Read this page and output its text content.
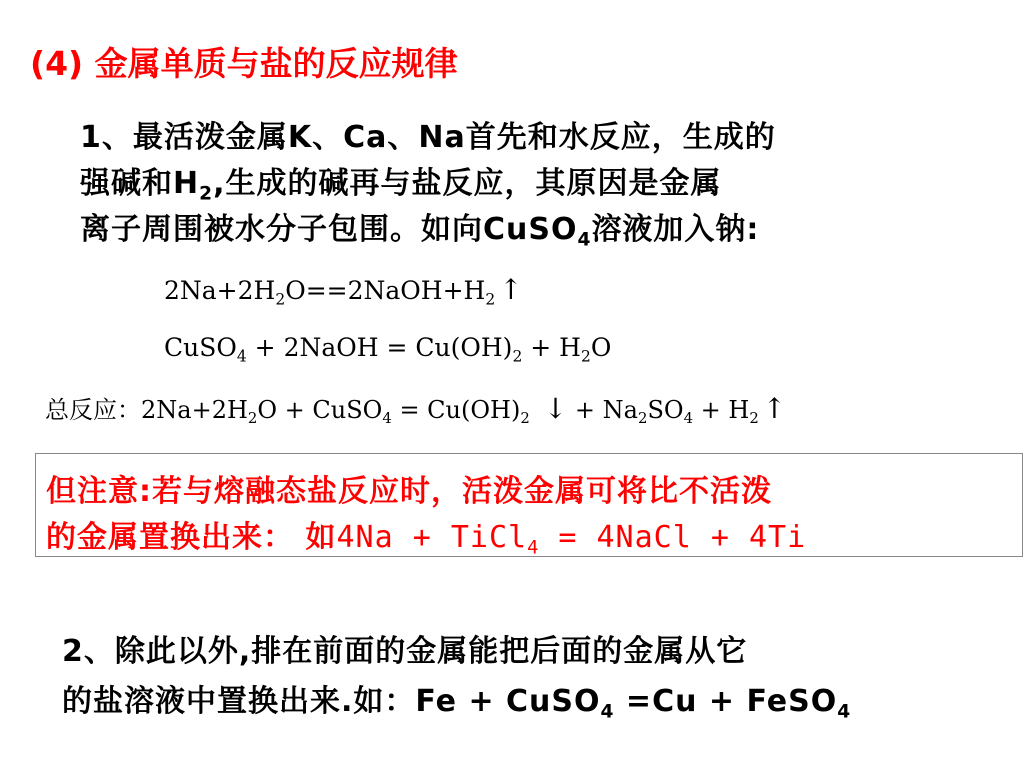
(4) 金属单质与盐的反应规律
1、最活泼金属K、Ca、Na首先和水反应，生成的
强碱和$H_2$,生成的碱再与盐反应，其原因是金属
离子周围被水分子包围。如向CuSO$_4$溶液加入钠:
$2Na+2H_2O==2NaOH+H_2$ ↑
CuSO$_4$ + 2NaOH = $Cu(OH)_2 + H_2O$
总反应：$2Na+2H_2O$ + CuSO$_4$ = $Cu(OH)_2$ ↓ + $Na_2SO_4 + H_2$ ↑
但注意:若与熔融态盐反应时，活泼金属可将比不活泼
的金属置换出来： 如4Na + TiCl$_4$ = 4NaCl + 4Ti
2、除此以外,排在前面的金属能把后面的金属从它
的盐溶液中置换出来.如：Fe + CuSO$_4$ =Cu + FeSO$_4$
